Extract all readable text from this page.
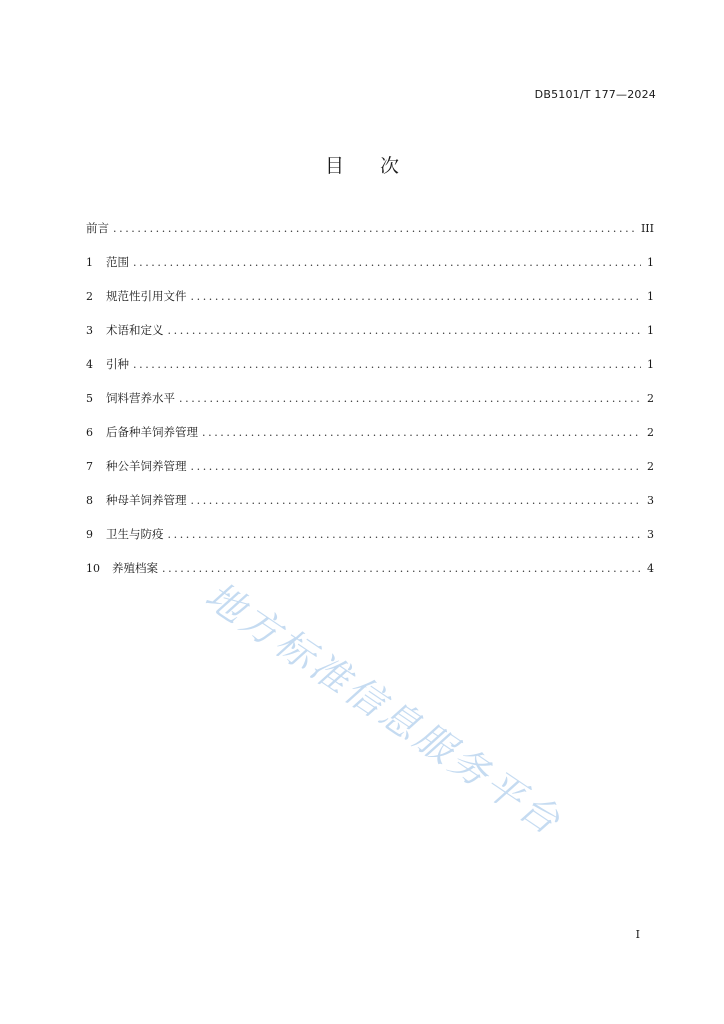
DB5101/T 177—2024
目 次
前言 .....	III
1	范围 .....	1
2	规范性引用文件 .....	1
3	术语和定义 .....	1
4	引种 .....	1
5	饲料营养水平 .....	2
6	后备种羊饲养管理 .....	2
7	种公羊饲养管理 .....	2
8	种母羊饲养管理 .....	3
9	卫生与防疫 .....	3
10	养殖档案 .....	4
地方标准信息服务平台
I
